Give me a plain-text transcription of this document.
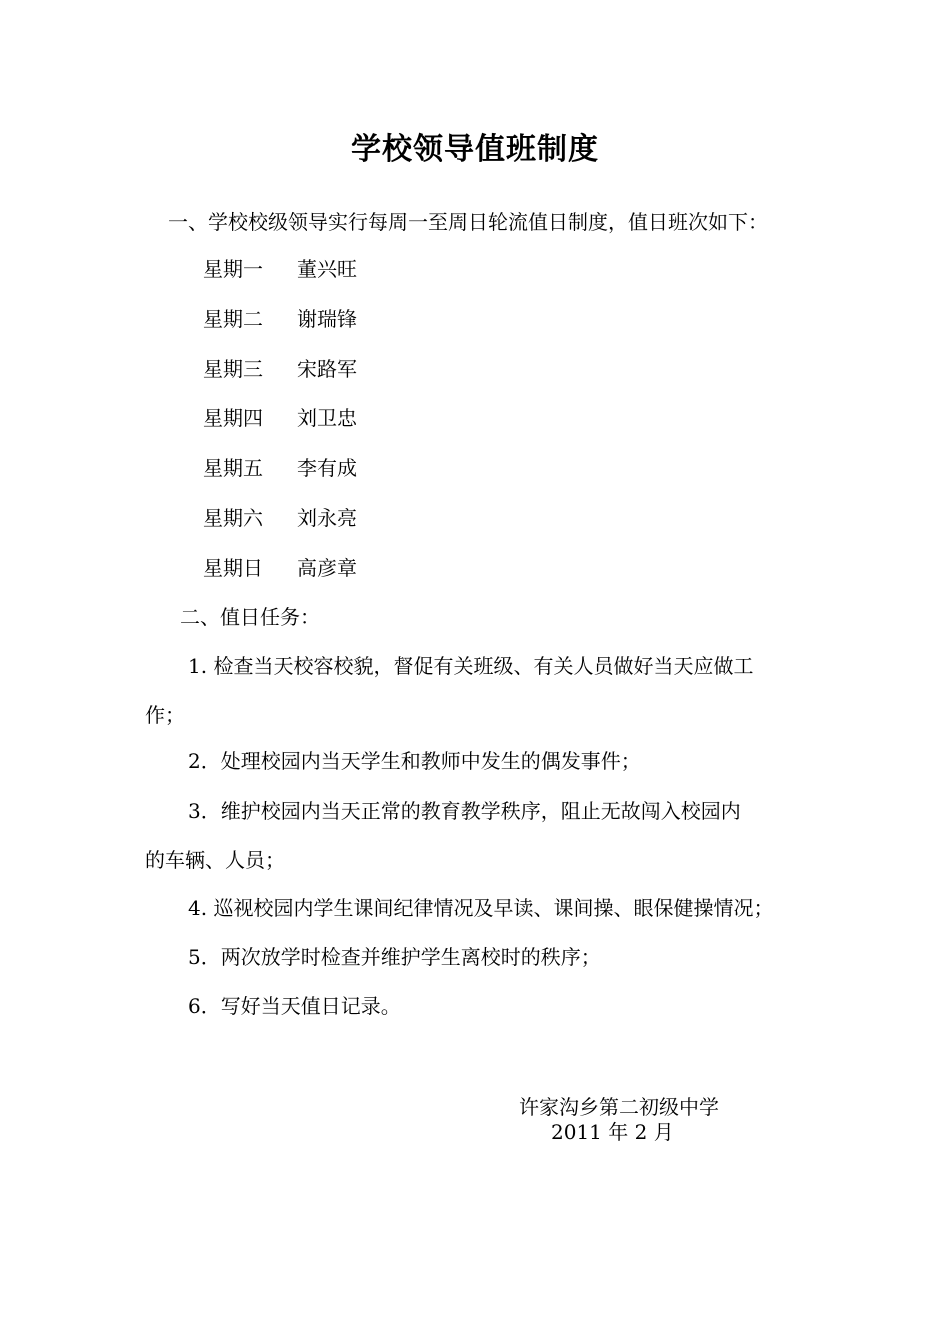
学校领导值班制度
一、学校校级领导实行每周一至周日轮流值日制度，值日班次如下：
星期一 董兴旺
星期二 谢瑞锋
星期三 宋路军
星期四 刘卫忠
星期五 李有成
星期六 刘永亮
星期日 高彦章
二、值日任务：
1. 检查当天校容校貌，督促有关班级、有关人员做好当天应做工
作；
2．处理校园内当天学生和教师中发生的偶发事件；
3．维护校园内当天正常的教育教学秩序，阻止无故闯入校园内
的车辆、人员；
4. 巡视校园内学生课间纪律情况及早读、课间操、眼保健操情况；
5．两次放学时检查并维护学生离校时的秩序；
6．写好当天值日记录。
许家沟乡第二初级中学
2011 年 2 月
